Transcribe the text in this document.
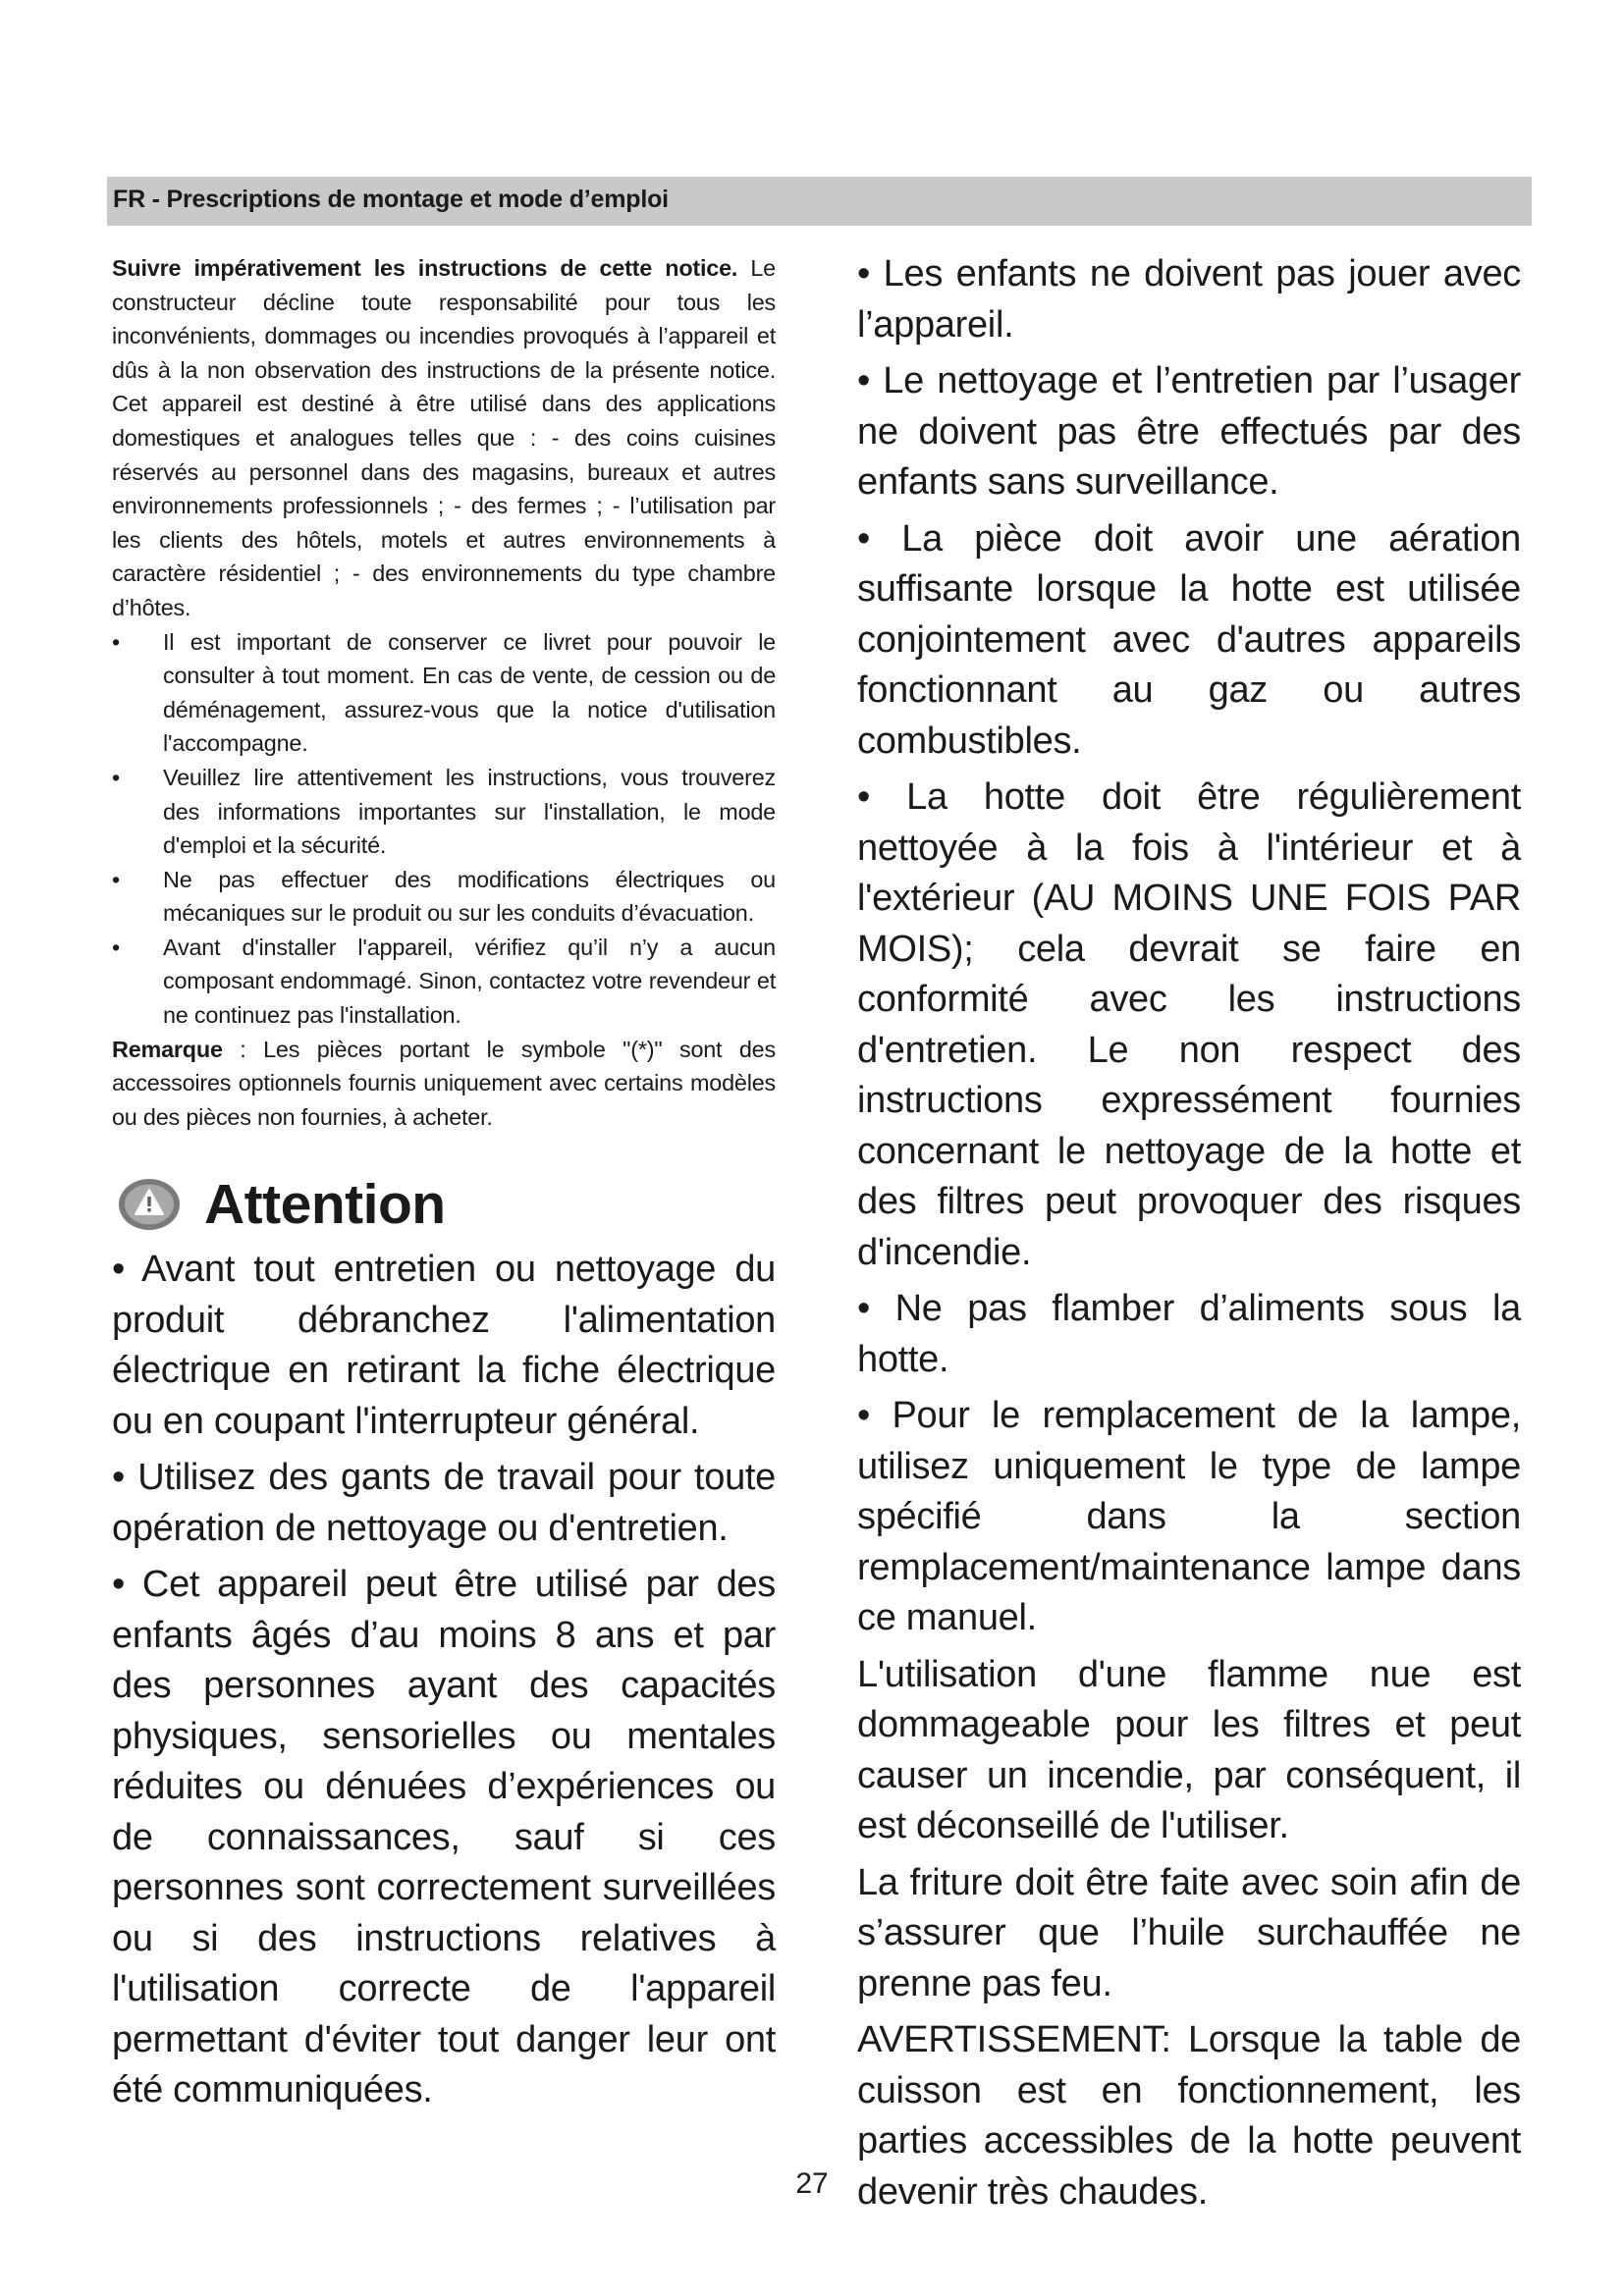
FR - Prescriptions de montage et mode d’emploi

Suivre impérativement les instructions de cette notice. Le constructeur décline toute responsabilité pour tous les inconvénients, dommages ou incendies provoqués à l’appareil et dûs à la non observation des instructions de la présente notice. Cet appareil est destiné à être utilisé dans des applications domestiques et analogues telles que : - des coins cuisines réservés au personnel dans des magasins, bureaux et autres environnements professionnels ; - des fermes ; - l’utilisation par les clients des hôtels, motels et autres environnements à caractère résidentiel ; - des environnements du type chambre d’hôtes.

• Il est important de conserver ce livret pour pouvoir le consulter à tout moment. En cas de vente, de cession ou de déménagement, assurez-vous que la notice d'utilisation l'accompagne.
• Veuillez lire attentivement les instructions, vous trouverez des informations importantes sur l'installation, le mode d'emploi et la sécurité.
• Ne pas effectuer des modifications électriques ou mécaniques sur le produit ou sur les conduits d’évacuation.
• Avant d'installer l'appareil, vérifiez qu’il n’y a aucun composant endommagé. Sinon, contactez votre revendeur et ne continuez pas l'installation.

Remarque : Les pièces portant le symbole "(*)" sont des accessoires optionnels fournis uniquement avec certains modèles ou des pièces non fournies, à acheter.

Attention

• Avant tout entretien ou nettoyage du produit débranchez l'alimentation électrique en retirant la fiche électrique ou en coupant l'interrupteur général.

• Utilisez des gants de travail pour toute opération de nettoyage ou d'entretien.

• Cet appareil peut être utilisé par des enfants âgés d’au moins 8 ans et par des personnes ayant des capacités physiques, sensorielles ou mentales réduites ou dénuées d’expériences ou de connaissances, sauf si ces personnes sont correctement surveillées ou si des instructions relatives à l'utilisation correcte de l'appareil permettant d'éviter tout danger leur ont été communiquées.

• Les enfants ne doivent pas jouer avec l’appareil.

• Le nettoyage et l’entretien par l’usager ne doivent pas être effectués par des enfants sans surveillance.

• La pièce doit avoir une aération suffisante lorsque la hotte est utilisée conjointement avec d'autres appareils fonctionnant au gaz ou autres combustibles.

• La hotte doit être régulièrement nettoyée à la fois à l'intérieur et à l'extérieur (AU MOINS UNE FOIS PAR MOIS); cela devrait se faire en conformité avec les instructions d'entretien. Le non respect des instructions expressément fournies concernant le nettoyage de la hotte et des filtres peut provoquer des risques d'incendie.

• Ne pas flamber d’aliments sous la hotte.

• Pour le remplacement de la lampe, utilisez uniquement le type de lampe spécifié dans la section remplacement/maintenance lampe dans ce manuel.

L'utilisation d'une flamme nue est dommageable pour les filtres et peut causer un incendie, par conséquent, il est déconseillé de l'utiliser.

La friture doit être faite avec soin afin de s’assurer que l’huile surchauffée ne prenne pas feu.

AVERTISSEMENT: Lorsque la table de cuisson est en fonctionnement, les parties accessibles de la hotte peuvent devenir très chaudes.

27
